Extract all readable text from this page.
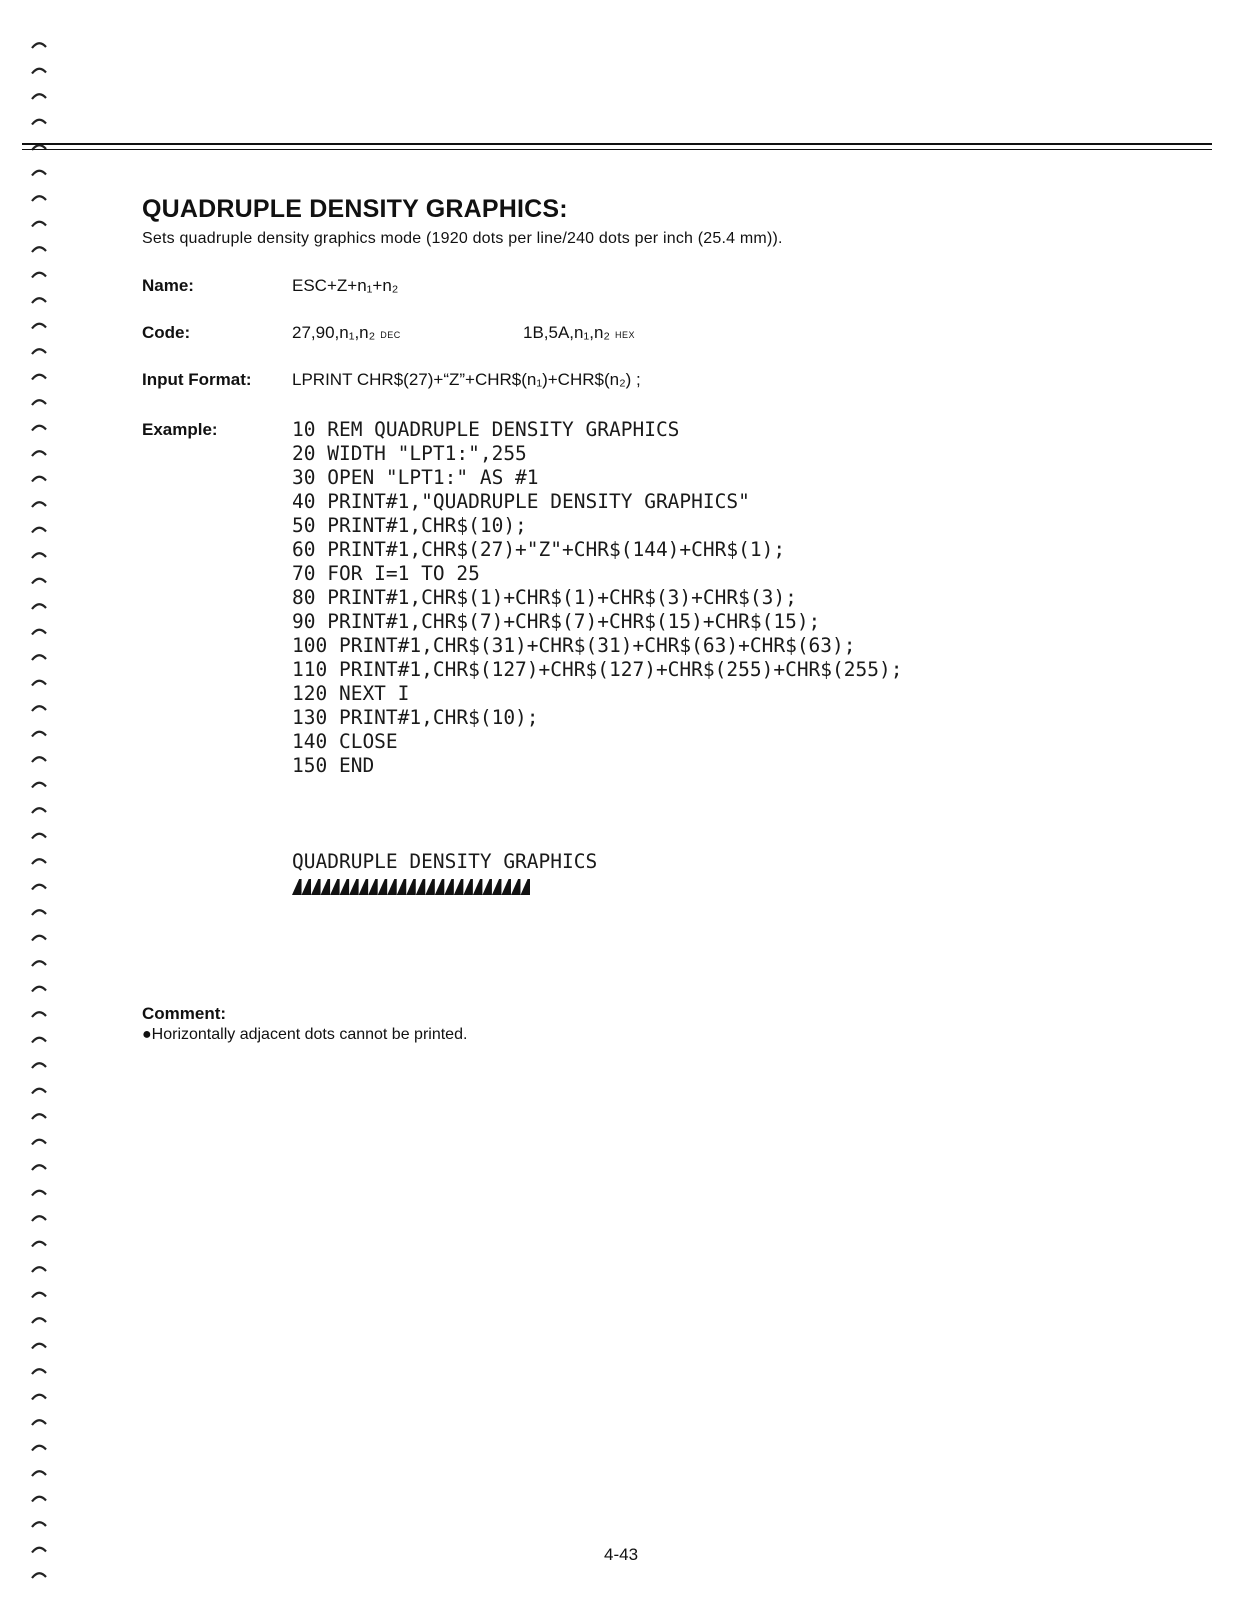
QUADRUPLE DENSITY GRAPHICS:
Sets quadruple density graphics mode (1920 dots per line/240 dots per inch (25.4 mm)).
Name:	ESC+Z+n₁+n₂
Code:	27,90,n₁,n₂ DEC	1B,5A,n₁,n₂ HEX
Input Format: LPRINT CHR$(27)+“Z”+CHR$(n₁)+CHR$(n₂) ;
Example:	10 REM QUADRUPLE DENSITY GRAPHICS
20 WIDTH "LPT1:",255
30 OPEN "LPT1:" AS #1
40 PRINT#1,"QUADRUPLE DENSITY GRAPHICS"
50 PRINT#1,CHR$(10);
60 PRINT#1,CHR$(27)+"Z"+CHR$(144)+CHR$(1);
70 FOR I=1 TO 25
80 PRINT#1,CHR$(1)+CHR$(1)+CHR$(3)+CHR$(3);
90 PRINT#1,CHR$(7)+CHR$(7)+CHR$(15)+CHR$(15);
100 PRINT#1,CHR$(31)+CHR$(31)+CHR$(63)+CHR$(63);
110 PRINT#1,CHR$(127)+CHR$(127)+CHR$(255)+CHR$(255);
120 NEXT I
130 PRINT#1,CHR$(10);
140 CLOSE
150 END
QUADRUPLE DENSITY GRAPHICS
Comment:
●Horizontally adjacent dots cannot be printed.
4-43
